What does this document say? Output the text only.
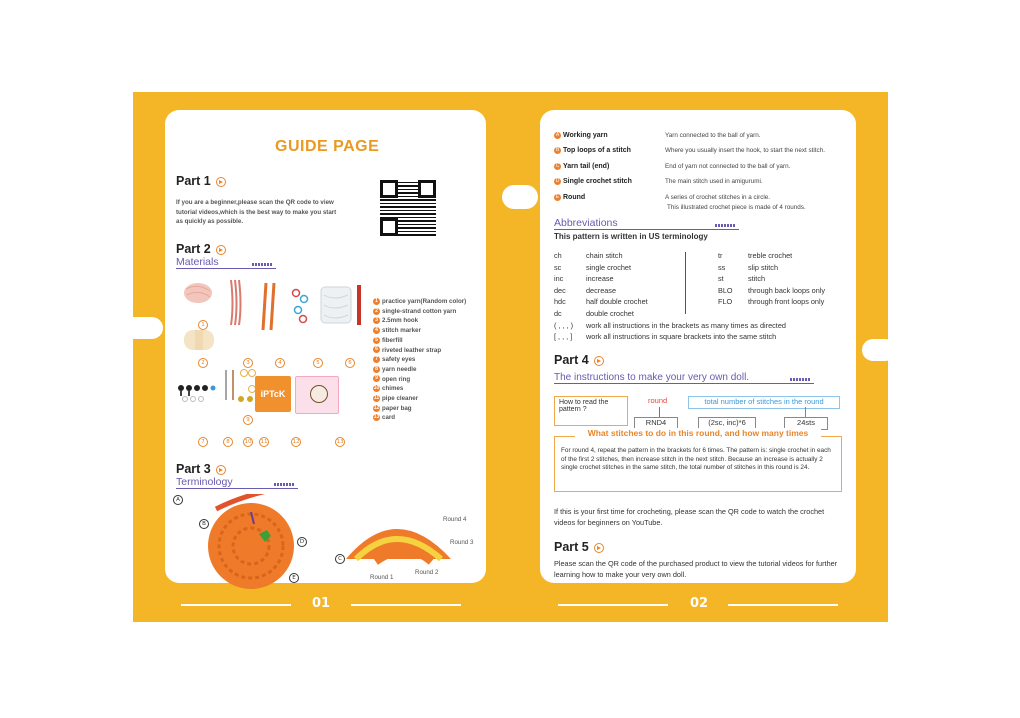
GUIDE PAGE
Part 1
If you are a beginner,please scan the QR code to view tutorial videos,which is the best way to make you start as quickly as possible.
Part 2
Materials
iPTcK
1
2	3	4	5	6
9
7	8	10 11	12	13
1 practice yarn(Random color)
2 single-strand cotton yarn
3 2.5mm hook
4 stitch marker
5 fiberfill
6 riveted leather strap
7 safety eyes
8 yarn needle
9 open ring
10 chimes
11 pipe cleaner
12 paper bag
13 card
Part 3
Terminology
A
B
D
C
E
Round 4
Round 3
Round 2
Round 1
01
A Working yarn	Yarn connected to the ball of yarn.
B Top loops of a stitch	Where you usually insert the hook, to start the next stitch.
C Yarn tail (end)	End of yarn not connected to the ball of yarn.
D Single crochet stitch	The main stitch used in amigurumi.
E Round	A series of crochet stitches in a circle.
This illustrated crochet piece is made of 4 rounds.
Abbreviations
This pattern is written in US terminology
ch	chain stitch
sc	single crochet
inc	increase
dec	decrease
hdc	half double crochet
dc	double crochet
( , , , ) work all instructions in the brackets as many times as directed
[ , , , ] work all instructions in square brackets into the same stitch
tr	treble crochet
ss	slip stitch
st	stitch
BLO through back loops only
FLO through front loops only
Part 4
The instructions to make your very own doll.
How to read the pattern ?
round	total number of stitches in the round
RND4	(2sc, inc)*6	24sts
What stitches to do in this round, and how many times
For round 4, repeat the pattern in the brackets for 6 times. The pattern is: single crochet in each of the first 2 stitches, then increase stitch in the next stitch. Because an increase is actually 2 single crochet stitches in the same stitch, the total number of stitches in this round is 24.
If this is your first time for crocheting, please scan the QR code to watch the crochet videos for beginners on YouTube.
Part 5
Please scan the QR code of the purchased product to view the tutorial videos for further learning how to make your very own doll.
02
